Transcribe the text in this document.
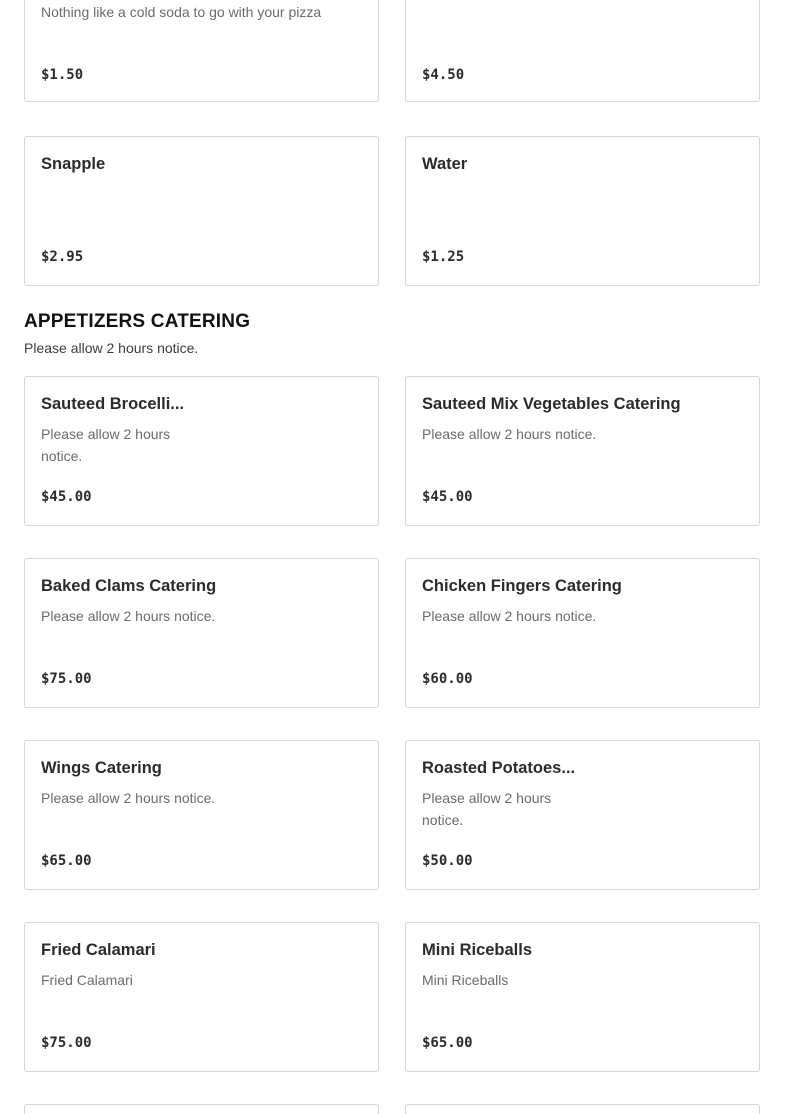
Nothing like a cold soda to go with your pizza
$1.50	$4.50
Snapple
$2.95
Water
$1.25
APPETIZERS CATERING
Please allow 2 hours notice.
Sauteed Brocelli...
Please allow 2 hours notice.
$45.00
Sauteed Mix Vegetables Catering
Please allow 2 hours notice.
$45.00
Baked Clams Catering
Please allow 2 hours notice.
$75.00
Chicken Fingers Catering
Please allow 2 hours notice.
$60.00
Wings Catering
Please allow 2 hours notice.
$65.00
Roasted Potatoes...
Please allow 2 hours notice.
$50.00
Fried Calamari
Fried Calamari
$75.00
Mini Riceballs
Mini Riceballs
$65.00
